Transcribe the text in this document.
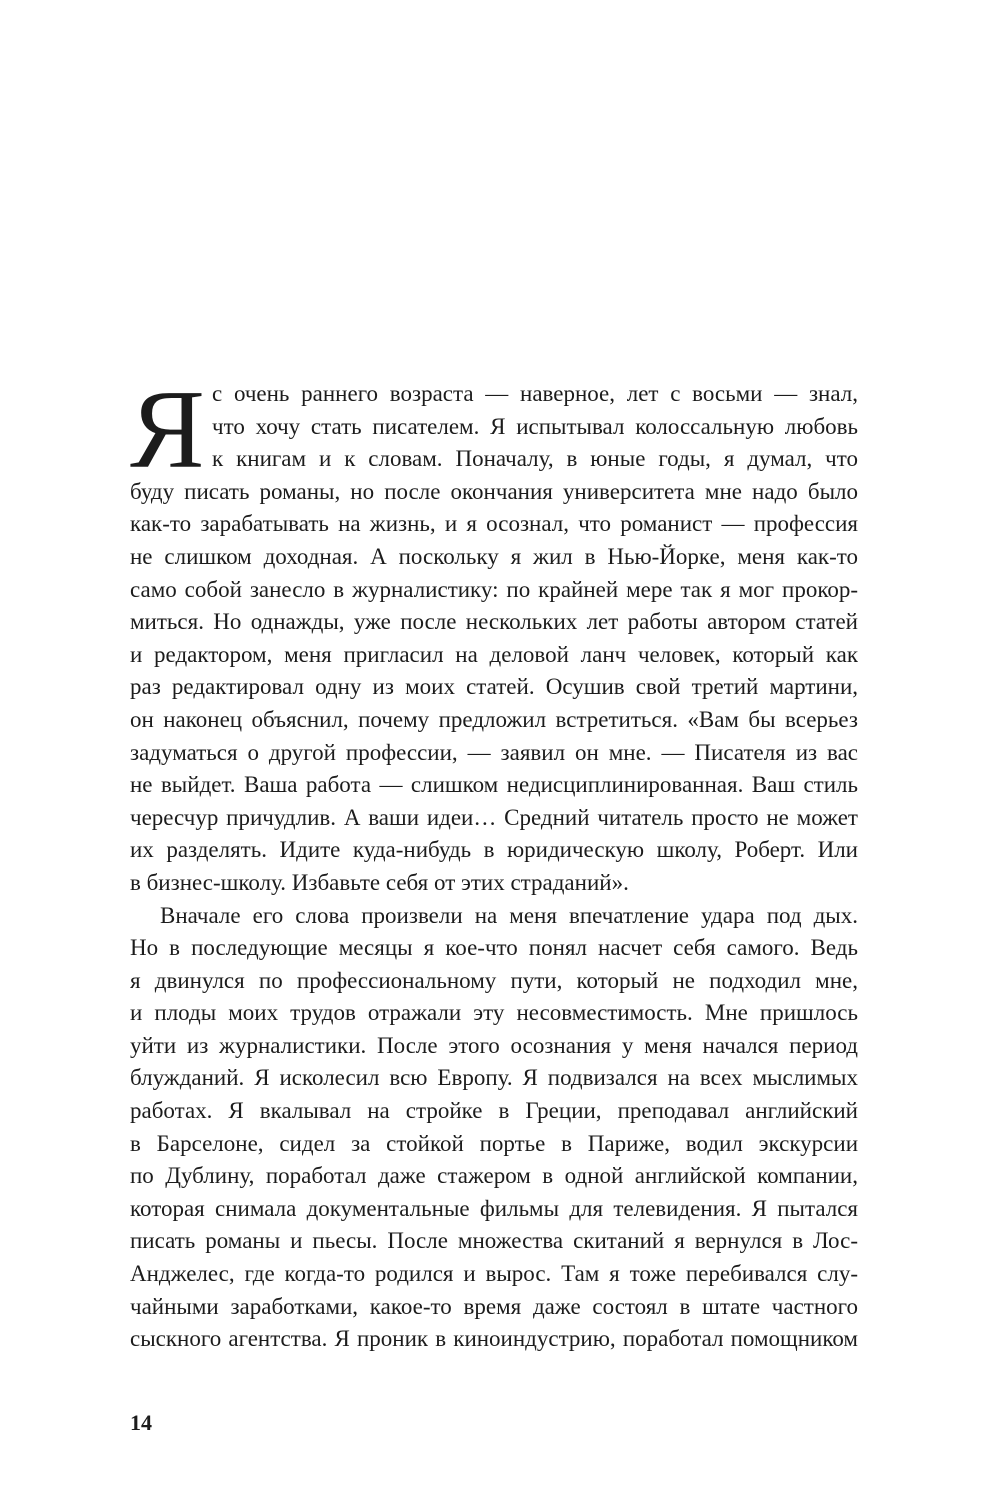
Я с очень раннего возраста — наверное, лет с восьми — знал,
что хочу стать писателем. Я испытывал колоссальную любовь
к книгам и к словам. Поначалу, в юные годы, я думал, что
буду писать романы, но после окончания университета мне надо было
как-то зарабатывать на жизнь, и я осознал, что романист — профессия
не слишком доходная. А поскольку я жил в Нью-Йорке, меня как-то
само собой занесло в журналистику: по крайней мере так я мог прокор-
миться. Но однажды, уже после нескольких лет работы автором статей
и редактором, меня пригласил на деловой ланч человек, который как
раз редактировал одну из моих статей. Осушив свой третий мартини,
он наконец объяснил, почему предложил встретиться. «Вам бы всерьез
задуматься о другой профессии, — заявил он мне. — Писателя из вас
не выйдет. Ваша работа — слишком недисциплинированная. Ваш стиль
чересчур причудлив. А ваши идеи… Средний читатель просто не может
их разделять. Идите куда-нибудь в юридическую школу, Роберт. Или
в бизнес-школу. Избавьте себя от этих страданий».
Вначале его слова произвели на меня впечатление удара под дых.
Но в последующие месяцы я кое-что понял насчет себя самого. Ведь
я двинулся по профессиональному пути, который не подходил мне,
и плоды моих трудов отражали эту несовместимость. Мне пришлось
уйти из журналистики. После этого осознания у меня начался период
блужданий. Я исколесил всю Европу. Я подвизался на всех мыслимых
работах. Я вкалывал на стройке в Греции, преподавал английский
в Барселоне, сидел за стойкой портье в Париже, водил экскурсии
по Дублину, поработал даже стажером в одной английской компании,
которая снимала документальные фильмы для телевидения. Я пытался
писать романы и пьесы. После множества скитаний я вернулся в Лос-
Анджелес, где когда-то родился и вырос. Там я тоже перебивался слу-
чайными заработками, какое-то время даже состоял в штате частного
сыскного агентства. Я проник в киноиндустрию, поработал помощником
14
